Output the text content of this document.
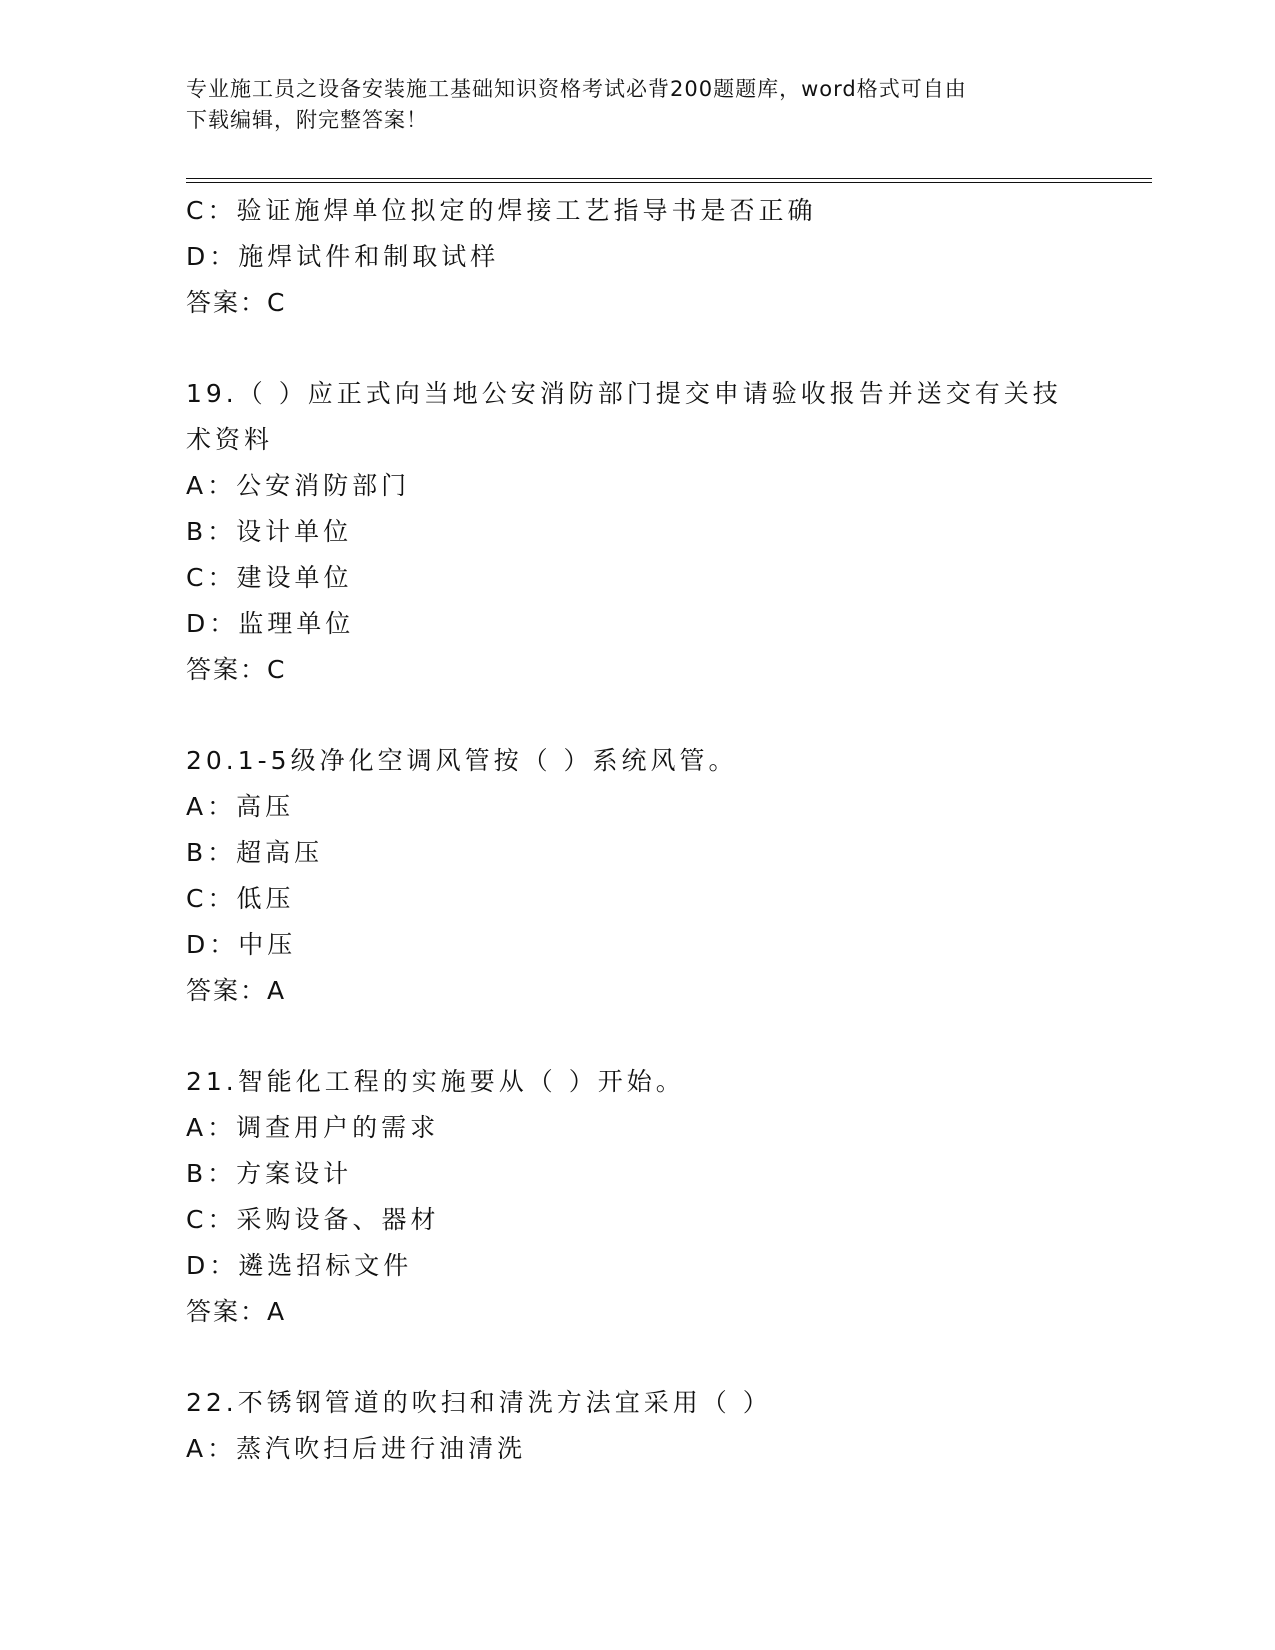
专业施工员之设备安装施工基础知识资格考试必背200题题库，word格式可自由
下载编辑，附完整答案！
C：验证施焊单位拟定的焊接工艺指导书是否正确
D：施焊试件和制取试样
答案：C
19.（ ）应正式向当地公安消防部门提交申请验收报告并送交有关技
术资料
A：公安消防部门
B：设计单位
C：建设单位
D：监理单位
答案：C
20.1-5级净化空调风管按（ ）系统风管。
A：高压
B：超高压
C：低压
D：中压
答案：A
21.智能化工程的实施要从（ ）开始。
A：调查用户的需求
B：方案设计
C：采购设备、器材
D：遴选招标文件
答案：A
22.不锈钢管道的吹扫和清洗方法宜采用（ ）
A：蒸汽吹扫后进行油清洗
